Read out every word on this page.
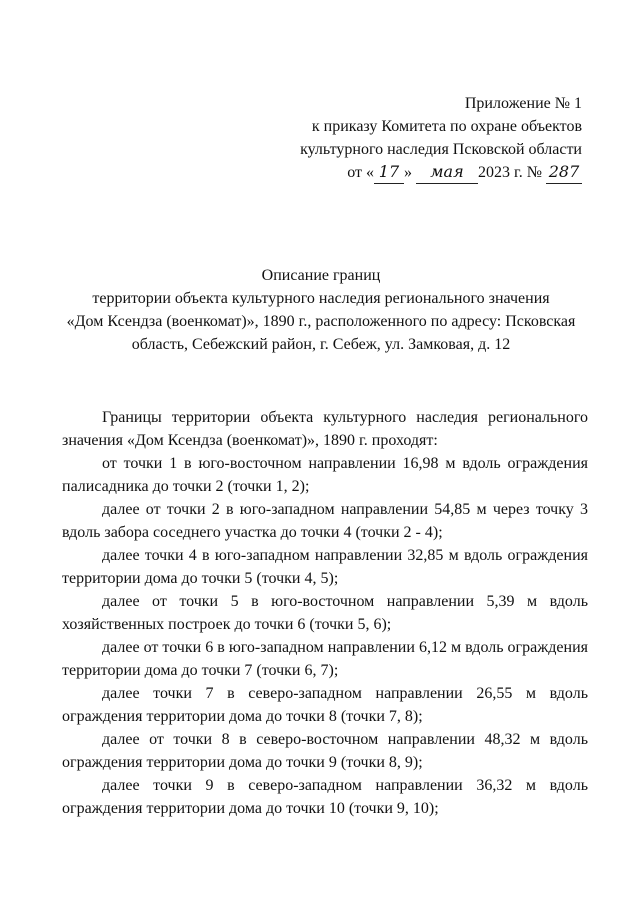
Приложение № 1
к приказу Комитета по охране объектов
культурного наследия Псковской области
от « 17 » мая 2023 г. № 287
Описание границ
территории объекта культурного наследия регионального значения
«Дом Ксендза (военкомат)», 1890 г., расположенного по адресу: Псковская
область, Себежский район, г. Себеж, ул. Замковая, д. 12

Границы территории объекта культурного наследия регионального значения «Дом Ксендза (военкомат)», 1890 г. проходят:

от точки 1 в юго-восточном направлении 16,98 м вдоль ограждения палисадника до точки 2 (точки 1, 2);

далее от точки 2 в юго-западном направлении 54,85 м через точку 3 вдоль забора соседнего участка до точки 4 (точки 2 - 4);

далее точки 4 в юго-западном направлении 32,85 м вдоль ограждения территории дома до точки 5 (точки 4, 5);

далее от точки 5 в юго-восточном направлении 5,39 м вдоль хозяйственных построек до точки 6 (точки 5, 6);

далее от точки 6 в юго-западном направлении 6,12 м вдоль ограждения территории дома до точки 7 (точки 6, 7);

далее точки 7 в северо-западном направлении 26,55 м вдоль ограждения территории дома до точки 8 (точки 7, 8);

далее от точки 8 в северо-восточном направлении 48,32 м вдоль ограждения территории дома до точки 9 (точки 8, 9);

далее точки 9 в северо-западном направлении 36,32 м вдоль ограждения территории дома до точки 10 (точки 9, 10);
